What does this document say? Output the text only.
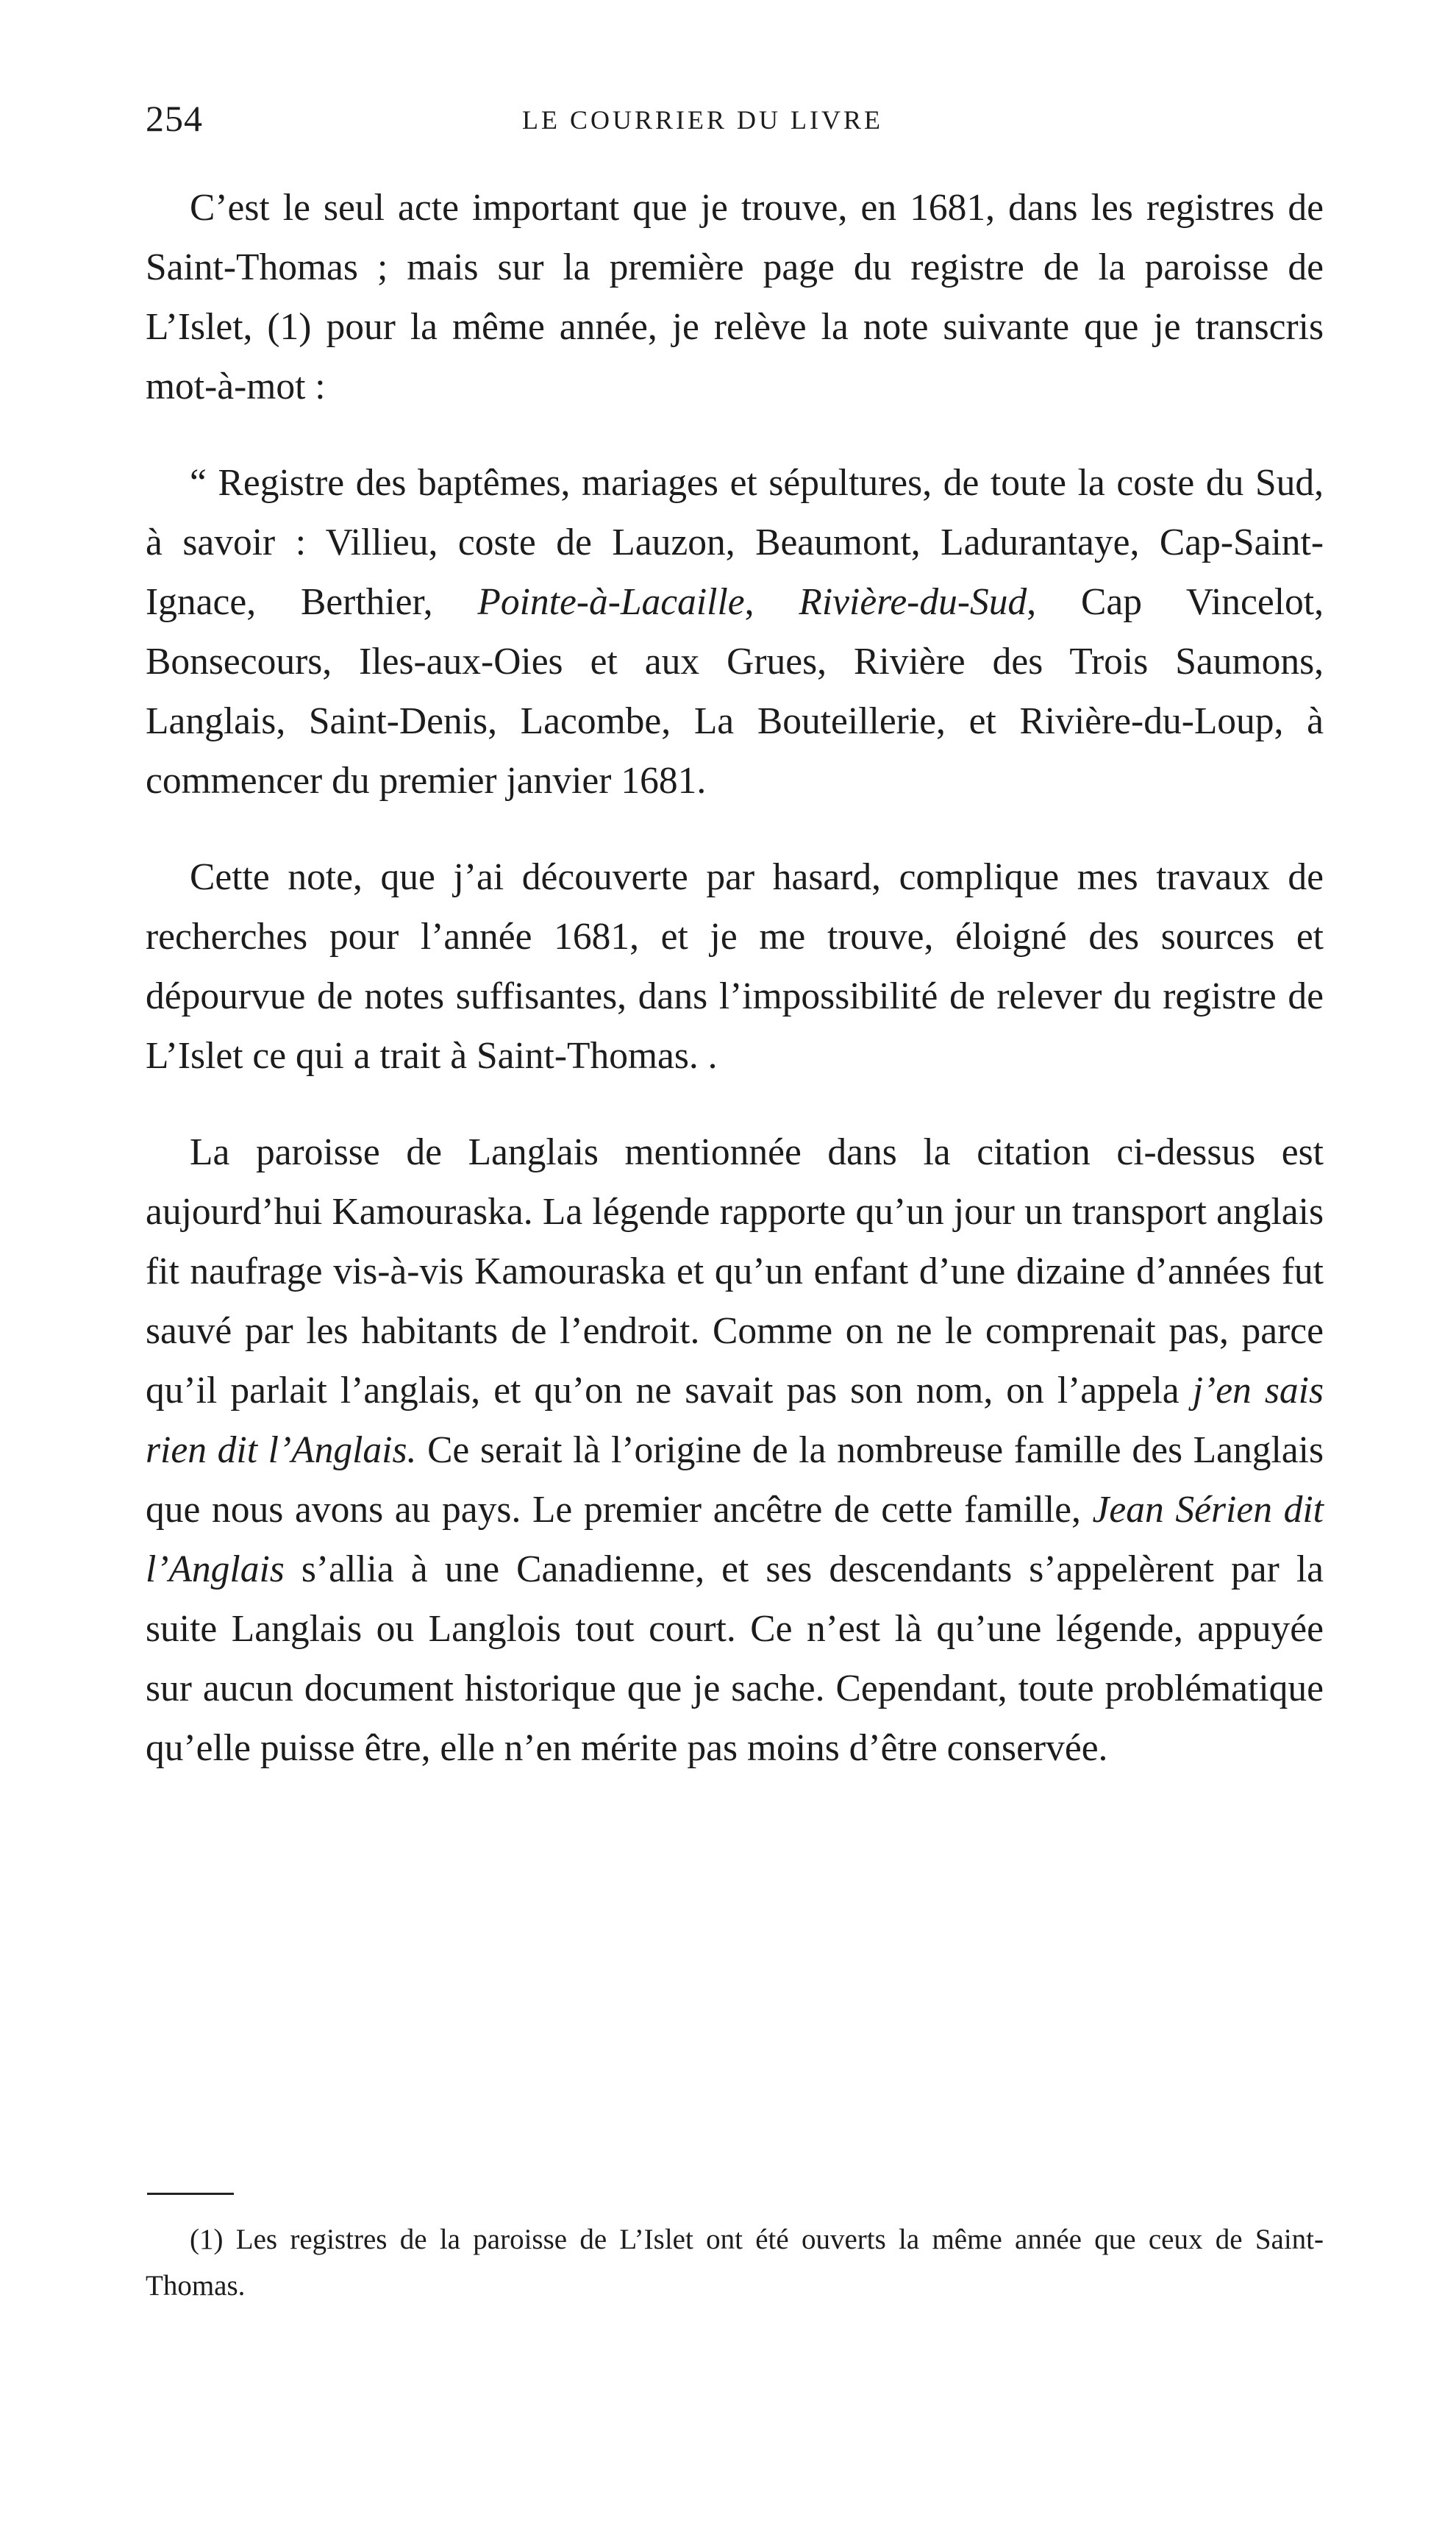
254	LE COURRIER DU LIVRE

C’est le seul acte important que je trouve, en 1681, dans les registres de Saint-Thomas ; mais sur la première page du registre de la paroisse de L’Islet, (1) pour la même année, je relève la note suivante que je transcris mot-à-mot :

“ Registre des baptêmes, mariages et sépultures, de toute la coste du Sud, à savoir : Villieu, coste de Lauzon, Beaumont, Ladurantaye, Cap-Saint-Ignace, Berthier, Pointe-à-Lacaille, Rivière-du-Sud, Cap Vincelot, Bonsecours, Iles-aux-Oies et aux Grues, Rivière des Trois Saumons, Langlais, Saint-Denis, Lacombe, La Bouteillerie, et Rivière-du-Loup, à commencer du premier janvier 1681.

Cette note, que j’ai découverte par hasard, complique mes travaux de recherches pour l’année 1681, et je me trouve, éloigné des sources et dépourvue de notes suffisantes, dans l’impossibilité de relever du registre de L’Islet ce qui a trait à Saint-Thomas. .

La paroisse de Langlais mentionnée dans la citation ci-dessus est aujourd’hui Kamouraska. La légende rapporte qu’un jour un transport anglais fit naufrage vis-à-vis Kamouraska et qu’un enfant d’une dizaine d’années fut sauvé par les habitants de l’endroit. Comme on ne le comprenait pas, parce qu’il parlait l’anglais, et qu’on ne savait pas son nom, on l’appela j’en sais rien dit l’Anglais. Ce serait là l’origine de la nombreuse famille des Langlais que nous avons au pays. Le premier ancêtre de cette famille, Jean Sérien dit l’Anglais s’allia à une Canadienne, et ses descendants s’appelèrent par la suite Langlais ou Langlois tout court. Ce n’est là qu’une légende, appuyée sur aucun document historique que je sache. Cependant, toute problématique qu’elle puisse être, elle n’en mérite pas moins d’être conservée.

(1) Les registres de la paroisse de L’Islet ont été ouverts la même année que ceux de Saint-Thomas.
